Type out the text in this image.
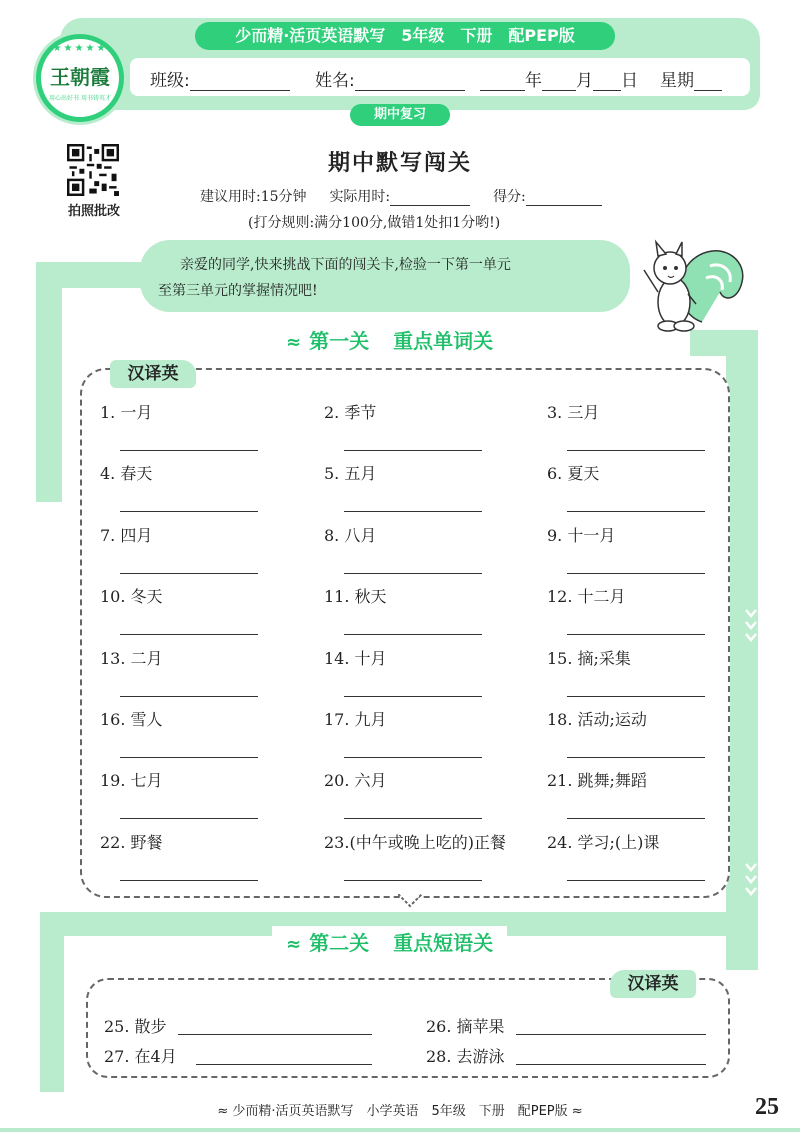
少而精·活页英语默写　5年级　下册　配PEP版
班级:	姓名:	年 月 日 星期
★★★★★
王朝霞
用心出好书 用书铸英才
期中复习
拍照批改
期中默写闯关
建议用时:15分钟 实际用时:	得分:
(打分规则:满分100分,做错1处扣1分哟!)
亲爱的同学,快来挑战下面的闯关卡,检验一下第一单元
至第三单元的掌握情况吧!
≈ 第一关 重点单词关
汉译英
1. 一月	2. 季节	3. 三月
4. 春天	5. 五月	6. 夏天
7. 四月	8. 八月	9. 十一月
10. 冬天	11. 秋天	12. 十二月
13. 二月	14. 十月	15. 摘;采集
16. 雪人	17. 九月	18. 活动;运动
19. 七月	20. 六月	21. 跳舞;舞蹈
22. 野餐	23.(中午或晚上吃的)正餐	24. 学习;(上)课
≈ 第二关 重点短语关
汉译英
25. 散步	26. 摘苹果
27. 在4月	28. 去游泳
≈ 少而精·活页英语默写　小学英语　5年级　下册　配PEP版 ≈	25
